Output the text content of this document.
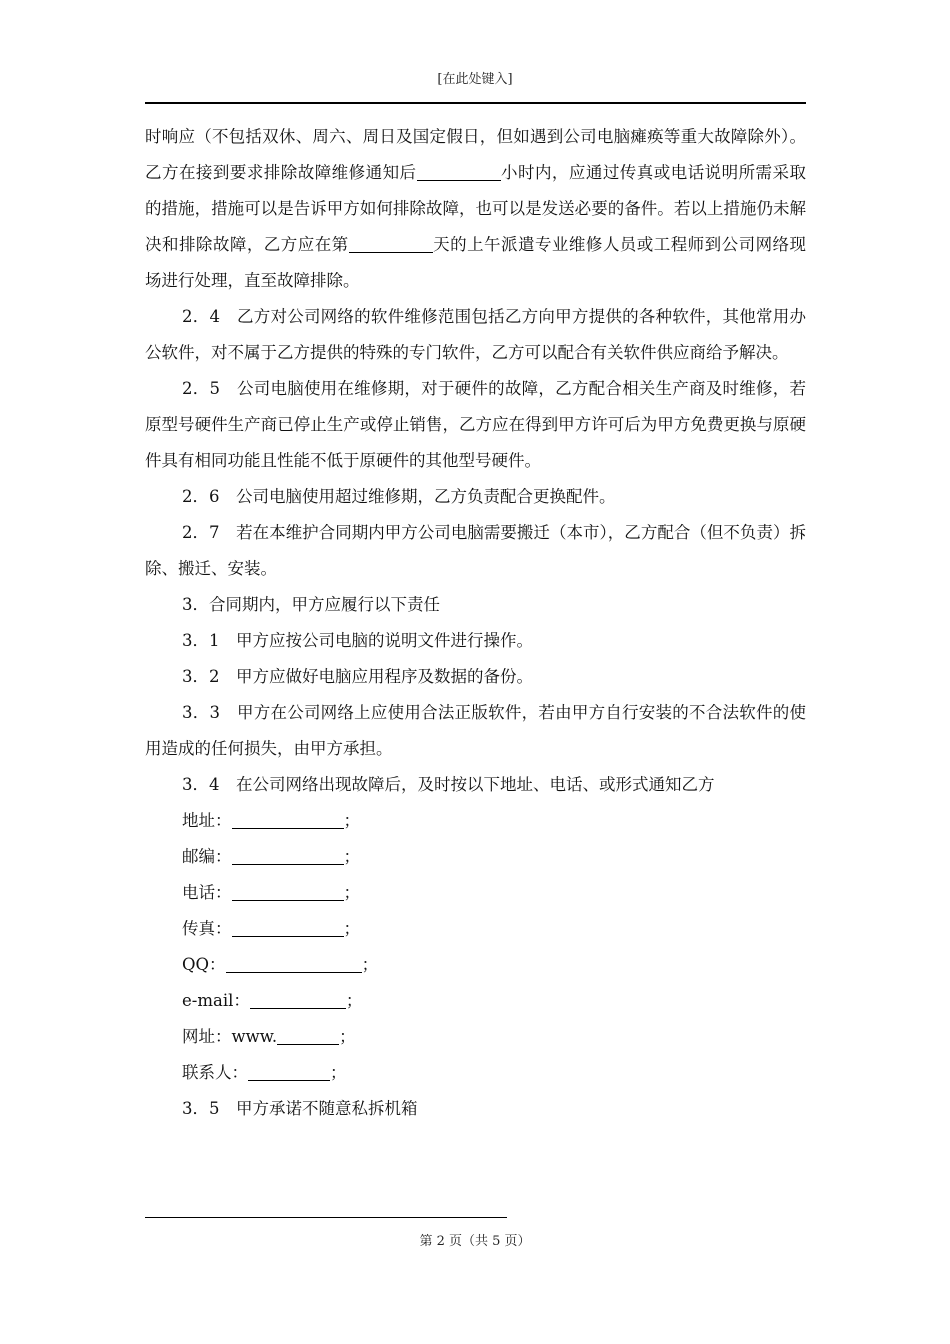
[在此处键入]

时响应（不包括双休、周六、周日及国定假日，但如遇到公司电脑瘫痪等重大故障除外）。乙方在接到要求排除故障维修通知后	小时内，应通过传真或电话说明所需采取的措施，措施可以是告诉甲方如何排除故障，也可以是发送必要的备件。若以上措施仍未解决和排除故障，乙方应在第	天的上午派遣专业维修人员或工程师到公司网络现场进行处理，直至故障排除。

2．4　乙方对公司网络的软件维修范围包括乙方向甲方提供的各种软件，其他常用办公软件，对不属于乙方提供的特殊的专门软件，乙方可以配合有关软件供应商给予解决。

2．5　公司电脑使用在维修期，对于硬件的故障，乙方配合相关生产商及时维修，若原型号硬件生产商已停止生产或停止销售，乙方应在得到甲方许可后为甲方免费更换与原硬件具有相同功能且性能不低于原硬件的其他型号硬件。

2．6　公司电脑使用超过维修期，乙方负责配合更换配件。

2．7　若在本维护合同期内甲方公司电脑需要搬迁（本市），乙方配合（但不负责）拆除、搬迁、安装。

3．合同期内，甲方应履行以下责任

3．1　甲方应按公司电脑的说明文件进行操作。

3．2　甲方应做好电脑应用程序及数据的备份。

3．3　甲方在公司网络上应使用合法正版软件，若由甲方自行安装的不合法软件的使用造成的任何损失，由甲方承担。

3．4　在公司网络出现故障后，及时按以下地址、电话、或形式通知乙方

地址：	；

邮编：	；

电话：	；

传真：	；

QQ：	；

e-mail：	；

网址：www.	；

联系人：	；

3．5　甲方承诺不随意私拆机箱

第 2 页（共 5 页）
